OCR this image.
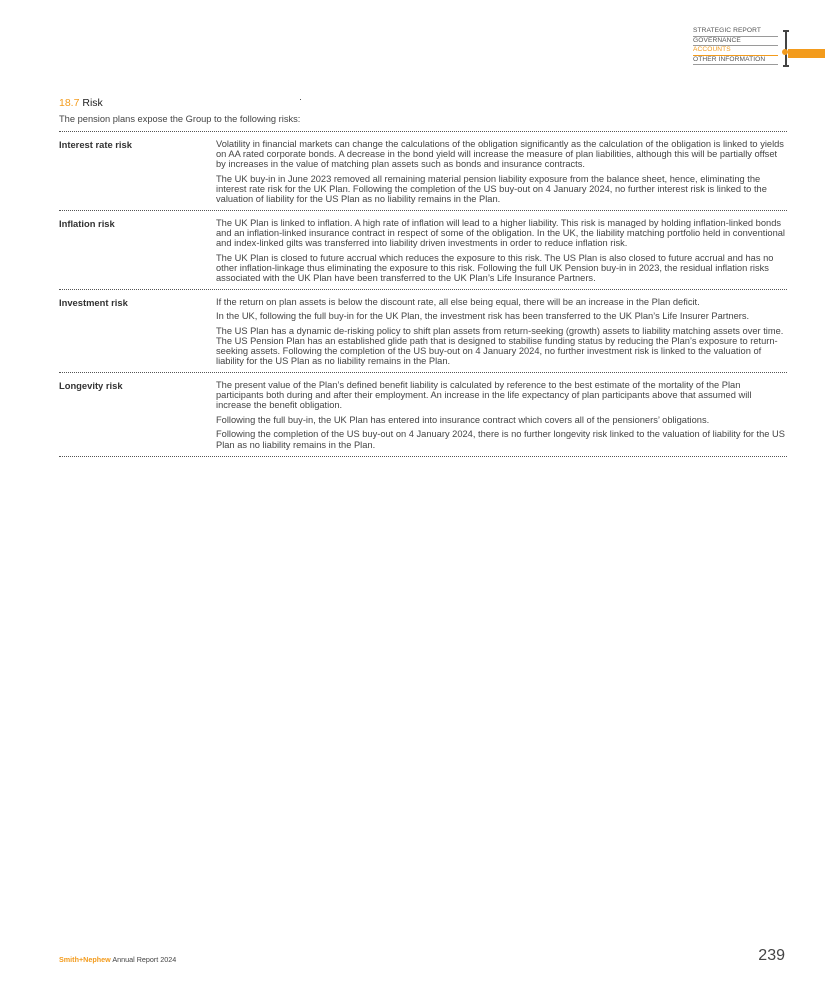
STRATEGIC REPORT
GOVERNANCE
ACCOUNTS
OTHER INFORMATION
18.7 Risk
The pension plans expose the Group to the following risks:
Interest rate risk	Volatility in financial markets can change the calculations of the obligation significantly as the calculation of the obligation is linked to yields on AA rated corporate bonds. A decrease in the bond yield will increase the measure of plan liabilities, although this will be partially offset by increases in the value of matching plan assets such as bonds and insurance contracts.

The UK buy-in in June 2023 removed all remaining material pension liability exposure from the balance sheet, hence, eliminating the interest rate risk for the UK Plan. Following the completion of the US buy-out on 4 January 2024, no further interest risk is linked to the valuation of liability for the US Plan as no liability remains in the Plan.

Inflation risk	The UK Plan is linked to inflation. A high rate of inflation will lead to a higher liability. This risk is managed by holding inflation-linked bonds and an inflation-linked insurance contract in respect of some of the obligation. In the UK, the liability matching portfolio held in conventional and index-linked gilts was transferred into liability driven investments in order to reduce inflation risk.

The UK Plan is closed to future accrual which reduces the exposure to this risk. The US Plan is also closed to future accrual and has no other inflation-linkage thus eliminating the exposure to this risk. Following the full UK Pension buy-in in 2023, the residual inflation risks associated with the UK Plan have been transferred to the UK Plan’s Life Insurance Partners.

Investment risk	If the return on plan assets is below the discount rate, all else being equal, there will be an increase in the Plan deficit.

In the UK, following the full buy-in for the UK Plan, the investment risk has been transferred to the UK Plan’s Life Insurer Partners.

The US Plan has a dynamic de-risking policy to shift plan assets from return-seeking (growth) assets to liability matching assets over time. The US Pension Plan has an established glide path that is designed to stabilise funding status by reducing the Plan’s exposure to return-seeking assets. Following the completion of the US buy-out on 4 January 2024, no further investment risk is linked to the valuation of liability for the US Plan as no liability remains in the Plan.

Longevity risk	The present value of the Plan’s defined benefit liability is calculated by reference to the best estimate of the mortality of the Plan participants both during and after their employment. An increase in the life expectancy of plan participants above that assumed will increase the benefit obligation.

Following the full buy-in, the UK Plan has entered into insurance contract which covers all of the pensioners’ obligations.

Following the completion of the US buy-out on 4 January 2024, there is no further longevity risk linked to the valuation of liability for the US Plan as no liability remains in the Plan.

Smith+Nephew Annual Report 2024	239
